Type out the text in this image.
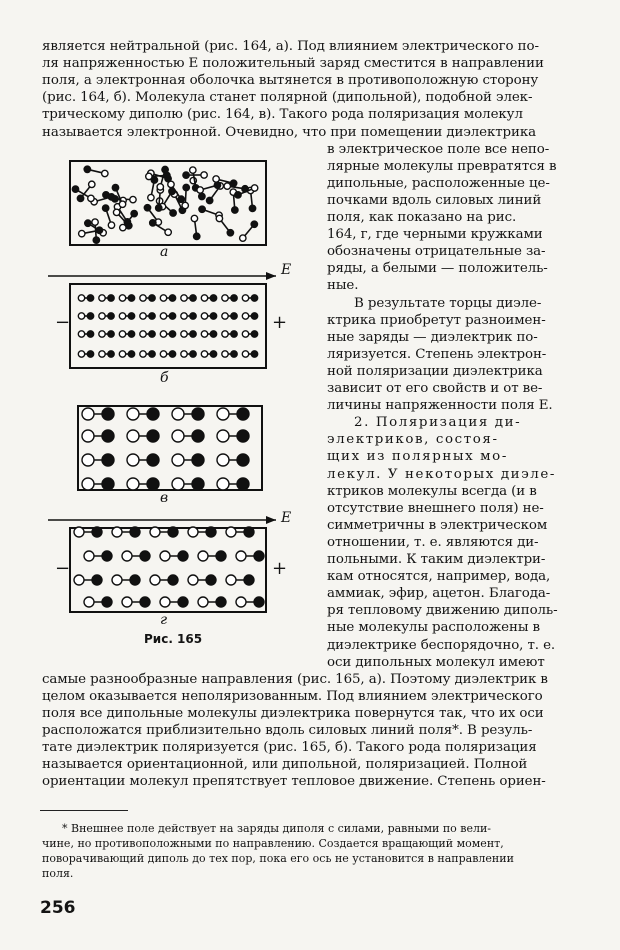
является нейтральной (рис. 164, а). Под влиянием электрического по-
ля напряженностью E положительный заряд сместится в направлении
поля, а электронная оболочка вытянется в противоположную сторону
(рис. 164, б). Молекула станет полярной (дипольной), подобной элек-
трическому диполю (рис. 164, в). Такого рода поляризация молекул
называется электронной. Очевидно, что при помещении диэлектрика
в электрическое поле все непо-
лярные молекулы превратятся в
дипольные, расположенные це-
почками вдоль силовых линий
поля, как показано на рис.
164, г, где черными кружками
обозначены отрицательные за-
ряды, а белыми — положитель-
ные.
В результате торцы диэле-
ктрика приобретут разноимен-
ные заряды — диэлектрик по-
ляризуется. Степень электрон-
ной поляризации диэлектрика
зависит от его свойств и от ве-
личины напряженности поля E.
2. Поляризация ди-
электриков, состоя-
щих из полярных мо-
лекул. У некоторых диэле-
ктриков молекулы всегда (и в
отсутствие внешнего поля) не-
симметричны в электрическом
отношении, т. е. являются ди-
польными. К таким диэлектри-
кам относятся, например, вода,
аммиак, эфир, ацетон. Благода-
ря тепловому движению диполь-
ные молекулы расположены в
диэлектрике беспорядочно, т. е.
оси дипольных молекул имеют
самые разнообразные направления (рис. 165, а). Поэтому диэлектрик в
целом оказывается неполяризованным. Под влиянием электрического
поля все дипольные молекулы диэлектрика повернутся так, что их оси
расположатся приблизительно вдоль силовых линий поля*. В резуль-
тате диэлектрик поляризуется (рис. 165, б). Такого рода поляризация
называется ориентационной, или дипольной, поляризацией. Полной
ориентации молекул препятствует тепловое движение. Степень ориен-
* Внешнее поле действует на заряды диполя с силами, равными по вели-
чине, но противоположными по направлению. Создается вращающий момент,
поворачивающий диполь до тех пор, пока его ось не установится в направлении
поля.
256
Рис. 165
а
б
в
г
E
E
−	+
−	+
